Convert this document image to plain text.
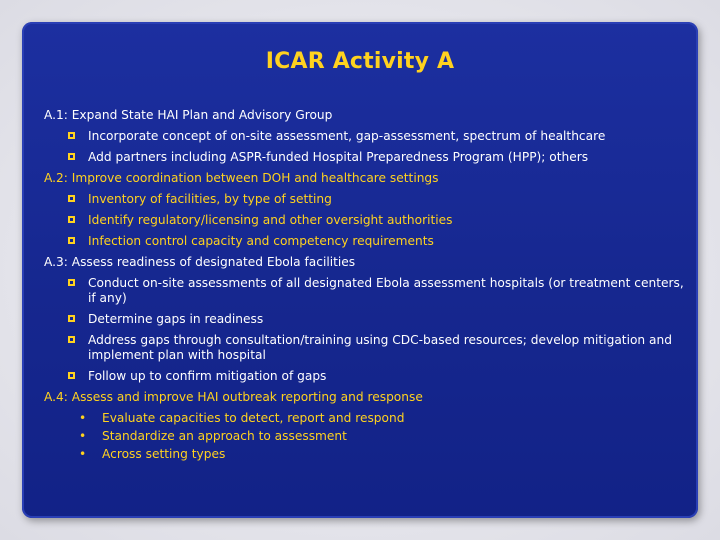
ICAR Activity A
A.1: Expand State HAI Plan and Advisory Group
Incorporate concept of on-site assessment, gap-assessment, spectrum of healthcare
Add partners including ASPR-funded Hospital Preparedness Program (HPP); others
A.2: Improve coordination between DOH and healthcare settings
Inventory of facilities, by type of setting
Identify regulatory/licensing and other oversight authorities
Infection control capacity and competency requirements
A.3: Assess readiness of designated Ebola facilities
Conduct on-site assessments of all designated Ebola assessment hospitals (or treatment centers, if any)
Determine gaps in readiness
Address gaps through consultation/training using CDC-based resources; develop mitigation and implement plan with hospital
Follow up to confirm mitigation of gaps
A.4: Assess and improve HAI outbreak reporting and response
• Evaluate capacities to detect, report and respond
• Standardize an approach to assessment
• Across setting types
